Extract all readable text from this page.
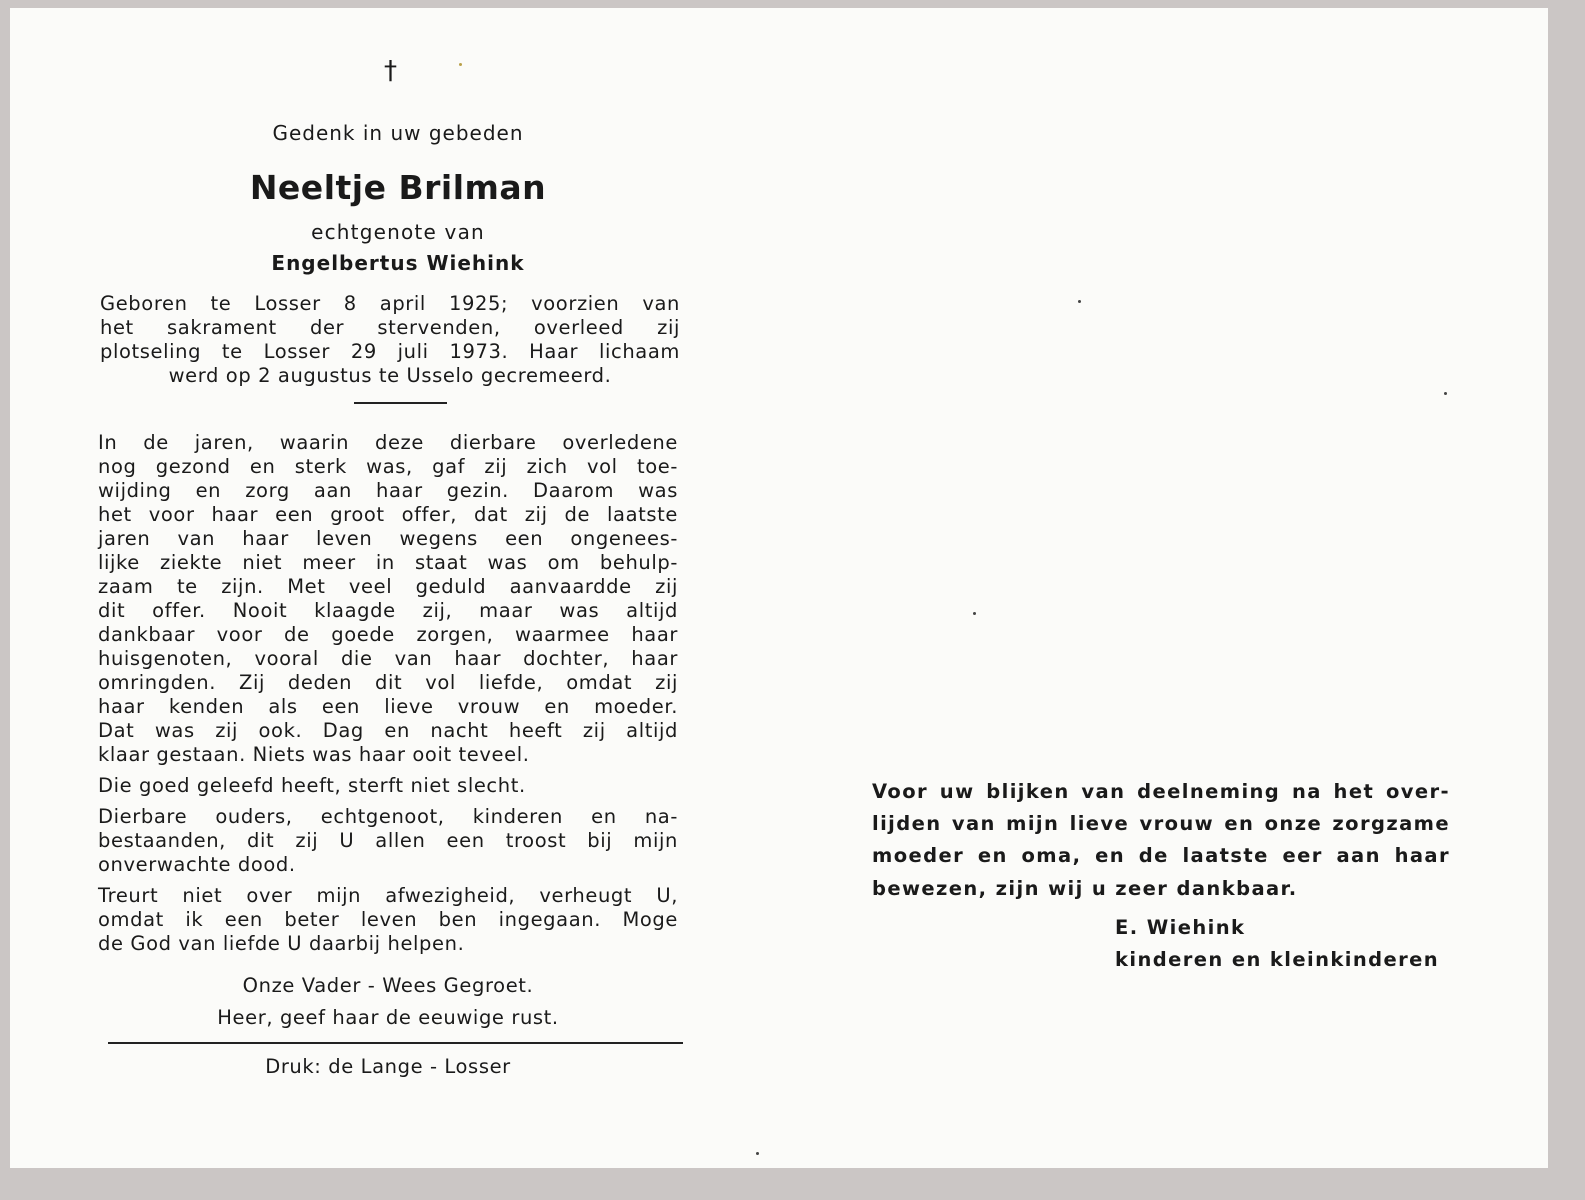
†
Gedenk in uw gebeden
Neeltje Brilman
echtgenote van
Engelbertus Wiehink
Geboren te Losser 8 april 1925; voorzien van
het sakrament der stervenden, overleed zij
plotseling te Losser 29 juli 1973. Haar lichaam
werd op 2 augustus te Usselo gecremeerd.
In de jaren, waarin deze dierbare overledene
nog gezond en sterk was, gaf zij zich vol toe-
wijding en zorg aan haar gezin. Daarom was
het voor haar een groot offer, dat zij de laatste
jaren van haar leven wegens een ongenees-
lijke ziekte niet meer in staat was om behulp-
zaam te zijn. Met veel geduld aanvaardde zij
dit offer. Nooit klaagde zij, maar was altijd
dankbaar voor de goede zorgen, waarmee haar
huisgenoten, vooral die van haar dochter, haar
omringden. Zij deden dit vol liefde, omdat zij
haar kenden als een lieve vrouw en moeder.
Dat was zij ook. Dag en nacht heeft zij altijd
klaar gestaan. Niets was haar ooit teveel.
Die goed geleefd heeft, sterft niet slecht.
Dierbare ouders, echtgenoot, kinderen en na-
bestaanden, dit zij U allen een troost bij mijn
onverwachte dood.
Treurt niet over mijn afwezigheid, verheugt U,
omdat ik een beter leven ben ingegaan. Moge
de God van liefde U daarbij helpen.
Onze Vader - Wees Gegroet.
Heer, geef haar de eeuwige rust.
Druk: de Lange - Losser
Voor uw blijken van deelneming na het over-
lijden van mijn lieve vrouw en onze zorgzame
moeder en oma, en de laatste eer aan haar
bewezen, zijn wij u zeer dankbaar.
E. Wiehink
kinderen en kleinkinderen
